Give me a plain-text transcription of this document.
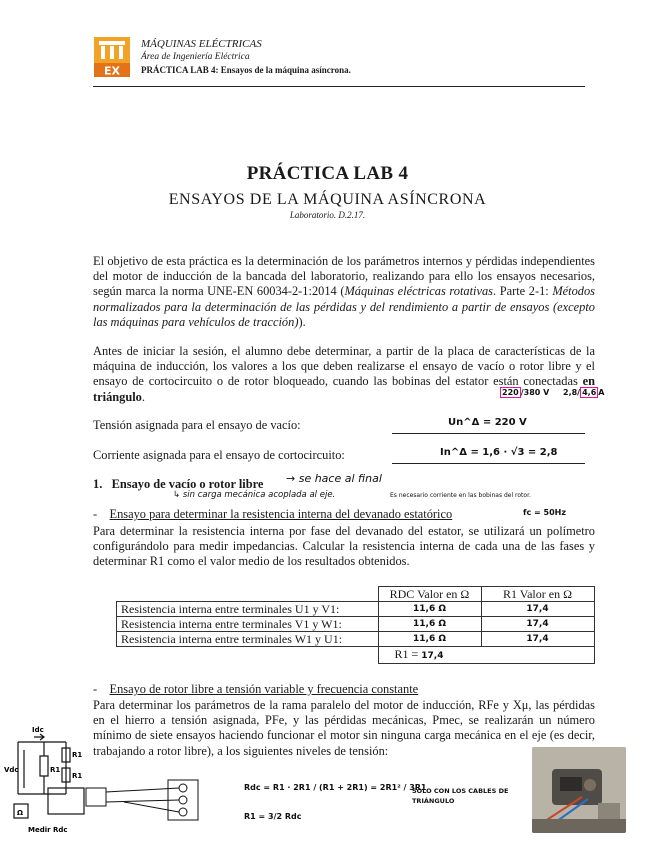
EX
MÁQUINAS ELÉCTRICAS
Área de Ingeniería Eléctrica
PRÁCTICA LAB 4: Ensayos de la máquina asíncrona.
PRÁCTICA LAB 4
ENSAYOS DE LA MÁQUINA ASÍNCRONA
Laboratorio. D.2.17.
El objetivo de esta práctica es la determinación de los parámetros internos y pérdidas independientes del motor de inducción de la bancada del laboratorio, realizando para ello los ensayos necesarios, según marca la norma UNE-EN 60034-2-1:2014 (Máquinas eléctricas rotativas. Parte 2-1: Métodos normalizados para la determinación de las pérdidas y del rendimiento a partir de ensayos (excepto las máquinas para vehículos de tracción)).
Antes de iniciar la sesión, el alumno debe determinar, a partir de la placa de características de la máquina de inducción, los valores a los que deben realizarse el ensayo de vacío o rotor libre y el ensayo de cortocircuito o de rotor bloqueado, cuando las bobinas del estator están conectadas en triángulo.	220 /380 V 2,8/ 4,6 A
Tensión asignada para el ensayo de vacío:	Un^Δ = 220 V
Corriente asignada para el ensayo de cortocircuito:	In^Δ = 1,6 · √3 = 2,8
1. Ensayo de vacío o rotor libre → se hace al final
↳ sin carga mecánica acoplada al eje.	Es necesario corriente en las bobinas del rotor.
-    Ensayo para determinar la resistencia interna del devanado estatórico	fc = 50Hz
Para determinar la resistencia interna por fase del devanado del estator, se utilizará un polímetro configurándolo para medir impedancias. Calcular la resistencia interna de cada una de las fases y determinar R1 como el valor medio de los resultados obtenidos.
	RDC Valor en Ω	R1 Valor en Ω
Resistencia interna entre terminales U1 y V1:	11,6 Ω	17,4
Resistencia interna entre terminales V1 y W1:	11,6 Ω	17,4
Resistencia interna entre terminales W1 y U1:	11,6 Ω	17,4
	R1 = 17,4	
-    Ensayo de rotor libre a tensión variable y frecuencia constante
Para determinar los parámetros de la rama paralelo del motor de inducción, RFe y Xμ, las pérdidas en el hierro a tensión asignada, PFe, y las pérdidas mecánicas, Pmec, se realizarán un número mínimo de siete ensayos haciendo funcionar el motor sin ninguna carga mecánica en el eje (es decir, trabajando a rotor libre), a los siguientes niveles de tensión:
Idc
Vdc	R1
R1
R1
Ω
Medir Rdc
Rdc = R1 · 2R1 / (R1 + 2R1) = 2R1² / 3R1
R1 = 3/2 Rdc
SOLO CON LOS CABLES DE TRIÁNGULO
